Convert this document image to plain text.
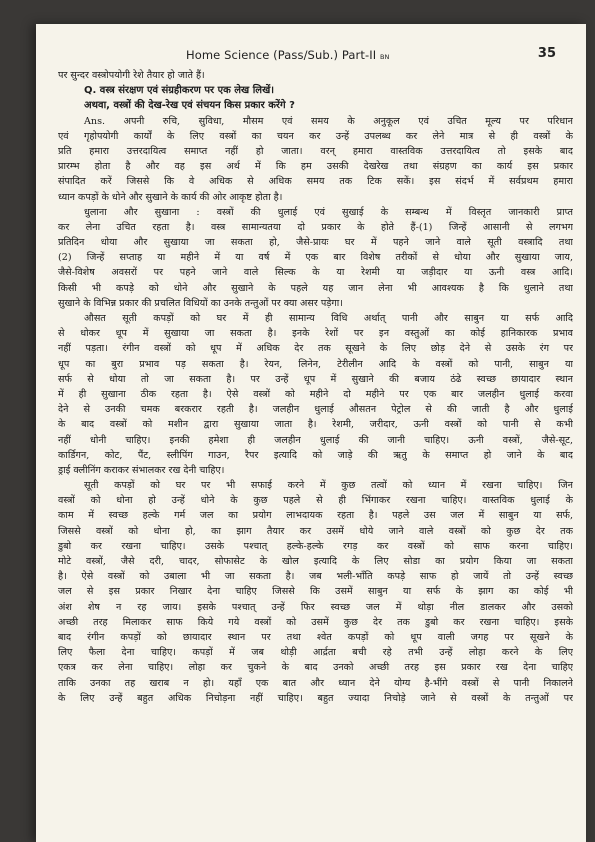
Home Science (Pass/Sub.) Part-II BN	35
पर सुन्दर वस्त्रोपयोगी रेशे तैयार हो जाते हैं।
Q. वस्त्र संरक्षण एवं संग्रहीकरण पर एक लेख लिखें।
अथवा, वस्त्रों की देख-रेख एवं संचयन किस प्रकार करेंगे ?
Ans. अपनी रुचि, सुविधा, मौसम एवं समय के अनुकूल एवं उचित मूल्य पर परिधान
एवं गृहोपयोगी कार्यों के लिए वस्त्रों का चयन कर उन्हें उपलब्ध कर लेने मात्र से ही वस्त्रों के
प्रति हमारा उत्तरदायित्व समाप्त नहीं हो जाता। वरन् हमारा वास्तविक उत्तरदायित्व तो इसके बाद
प्रारम्भ होता है और वह इस अर्थ में कि हम उसकी देखरेख तथा संग्रहण का कार्य इस प्रकार
संपादित करें जिससे कि वे अधिक से अधिक समय तक टिक सकें। इस संदर्भ में सर्वप्रथम हमारा
ध्यान कपड़ों के धोने और सुखाने के कार्य की ओर आकृष्ट होता है।
धुलाना और सुखाना : वस्त्रों की धुलाई एवं सुखाई के सम्बन्ध में विस्तृत जानकारी प्राप्त
कर लेना उचित रहता है। वस्त्र सामान्यतया दो प्रकार के होते हैं-(1) जिन्हें आसानी से लगभग
प्रतिदिन धोया और सुखाया जा सकता हो, जैसे-प्रायः घर में पहने जाने वाले सूती वस्त्रादि तथा
(2) जिन्हें सप्ताह या महीने में या वर्ष में एक बार विशेष तरीकों से धोया और सुखाया जाय,
जैसे-विशेष अवसरों पर पहने जाने वाले सिल्क के या रेशमी या जड़ीदार या ऊनी वस्त्र आदि।
किसी भी कपड़े को धोने और सुखाने के पहले यह जान लेना भी आवश्यक है कि धुलाने तथा
सुखाने के विभिन्न प्रकार की प्रचलित विधियों का उनके तन्तुओं पर क्या असर पड़ेगा।
औसत सूती कपड़ों को घर में ही सामान्य विधि अर्थात् पानी और साबुन या सर्फ आदि
से धोकर धूप में सुखाया जा सकता है। इनके रेशों पर इन वस्तुओं का कोई हानिकारक प्रभाव
नहीं पड़ता। रंगीन वस्त्रों को धूप में अधिक देर तक सूखने के लिए छोड़ देने से उसके रंग पर
धूप का बुरा प्रभाव पड़ सकता है। रेयन, लिनेन, टेरीलीन आदि के वस्त्रों को पानी, साबुन या
सर्फ से धोया तो जा सकता है। पर उन्हें धूप में सुखाने की बजाय ठंढे स्वच्छ छायादार स्थान
में ही सुखाना ठीक रहता है। ऐसे वस्त्रों को महीने दो महीने पर एक बार जलहीन धुलाई करवा
देने से उनकी चमक बरकरार रहती है। जलहीन धुलाई औसतन पेट्रोल से की जाती है और धुलाई
के बाद वस्त्रों को मशीन द्वारा सुखाया जाता है। रेशमी, जरीदार, ऊनी वस्त्रों को पानी से कभी
नहीं धोनी चाहिए। इनकी हमेशा ही जलहीन धुलाई की जानी चाहिए। ऊनी वस्त्रों, जैसे-सूट,
कार्डिगन, कोट, पैंट, स्लीपिंग गाउन, रैपर इत्यादि को जाड़े की ऋतु के समाप्त हो जाने के बाद
ड्राई क्लीनिंग कराकर संभालकर रख देनी चाहिए।
सूती कपड़ों को घर पर भी सफाई करने में कुछ तत्वों को ध्यान में रखना चाहिए। जिन
वस्त्रों को धोना हो उन्हें धोने के कुछ पहले से ही भिंगाकर रखना चाहिए। वास्तविक धुलाई के
काम में स्वच्छ हल्के गर्म जल का प्रयोग लाभदायक रहता है। पहले उस जल में साबुन या सर्फ,
जिससे वस्त्रों को धोना हो, का झाग तैयार कर उसमें धोये जाने वाले वस्त्रों को कुछ देर तक
डुबो कर रखना चाहिए। उसके पश्चात् हल्के-हल्के रगड़ कर वस्त्रों को साफ करना चाहिए।
मोटे वस्त्रों, जैसे दरी, चादर, सोफासेट के खोल इत्यादि के लिए सोडा का प्रयोग किया जा सकता
है। ऐसे वस्त्रों को उबाला भी जा सकता है। जब भली-भाँति कपड़े साफ हो जायें तो उन्हें स्वच्छ
जल से इस प्रकार निखार देना चाहिए जिससे कि उसमें साबुन या सर्फ के झाग का कोई भी
अंश शेष न रह जाय। इसके पश्चात् उन्हें फिर स्वच्छ जल में थोड़ा नील डालकर और उसको
अच्छी तरह मिलाकर साफ किये गये वस्त्रों को उसमें कुछ देर तक डुबो कर रखना चाहिए। इसके
बाद रंगीन कपड़ों को छायादार स्थान पर तथा श्वेत कपड़ों को धूप वाली जगह पर सूखने के
लिए फैला देना चाहिए। कपड़ों में जब थोड़ी आर्द्रता बची रहे तभी उन्हें लोहा करने के लिए
एकत्र कर लेना चाहिए। लोहा कर चुकने के बाद उनको अच्छी तरह इस प्रकार रख देना चाहिए
ताकि उनका तह खराब न हो। यहाँ एक बात और ध्यान देने योग्य है-भींगे वस्त्रों से पानी निकालने
के लिए उन्हें बहुत अधिक निचोड़ना नहीं चाहिए। बहुत ज्यादा निचोड़े जाने से वस्त्रों के तन्तुओं पर
